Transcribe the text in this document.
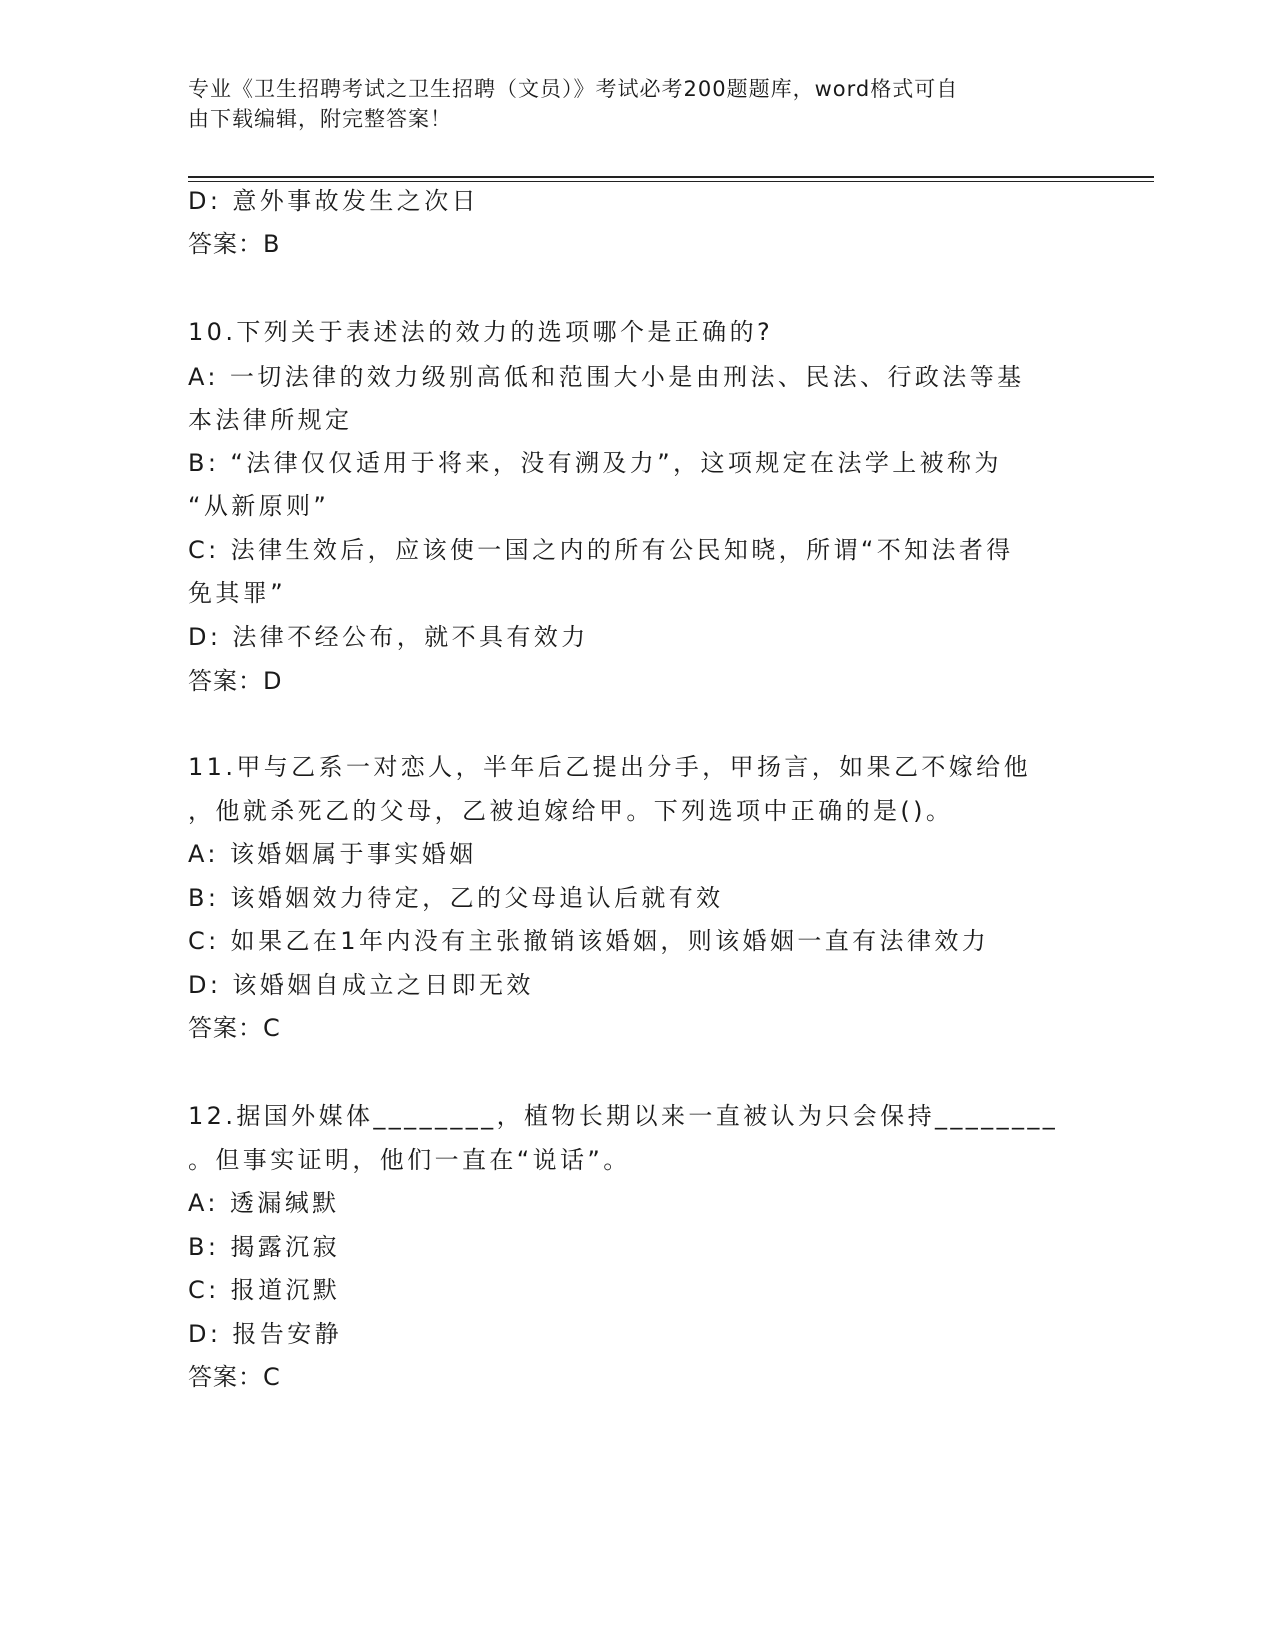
专业《卫生招聘考试之卫生招聘（文员）》考试必考200题题库，word格式可自
由下载编辑，附完整答案！
D: 意外事故发生之次日
答案：B
10.下列关于表述法的效力的选项哪个是正确的?
A: 一切法律的效力级别高低和范围大小是由刑法、民法、行政法等基
本法律所规定
B: “法律仅仅适用于将来，没有溯及力”，这项规定在法学上被称为
“从新原则”
C: 法律生效后，应该使一国之内的所有公民知晓，所谓“不知法者得
免其罪”
D: 法律不经公布，就不具有效力
答案：D
11.甲与乙系一对恋人，半年后乙提出分手，甲扬言，如果乙不嫁给他
，他就杀死乙的父母，乙被迫嫁给甲。下列选项中正确的是()。
A: 该婚姻属于事实婚姻
B: 该婚姻效力待定，乙的父母追认后就有效
C: 如果乙在1年内没有主张撤销该婚姻，则该婚姻一直有法律效力
D: 该婚姻自成立之日即无效
答案：C
12.据国外媒体________，植物长期以来一直被认为只会保持________
。但事实证明，他们一直在“说话”。
A: 透漏缄默
B: 揭露沉寂
C: 报道沉默
D: 报告安静
答案：C
